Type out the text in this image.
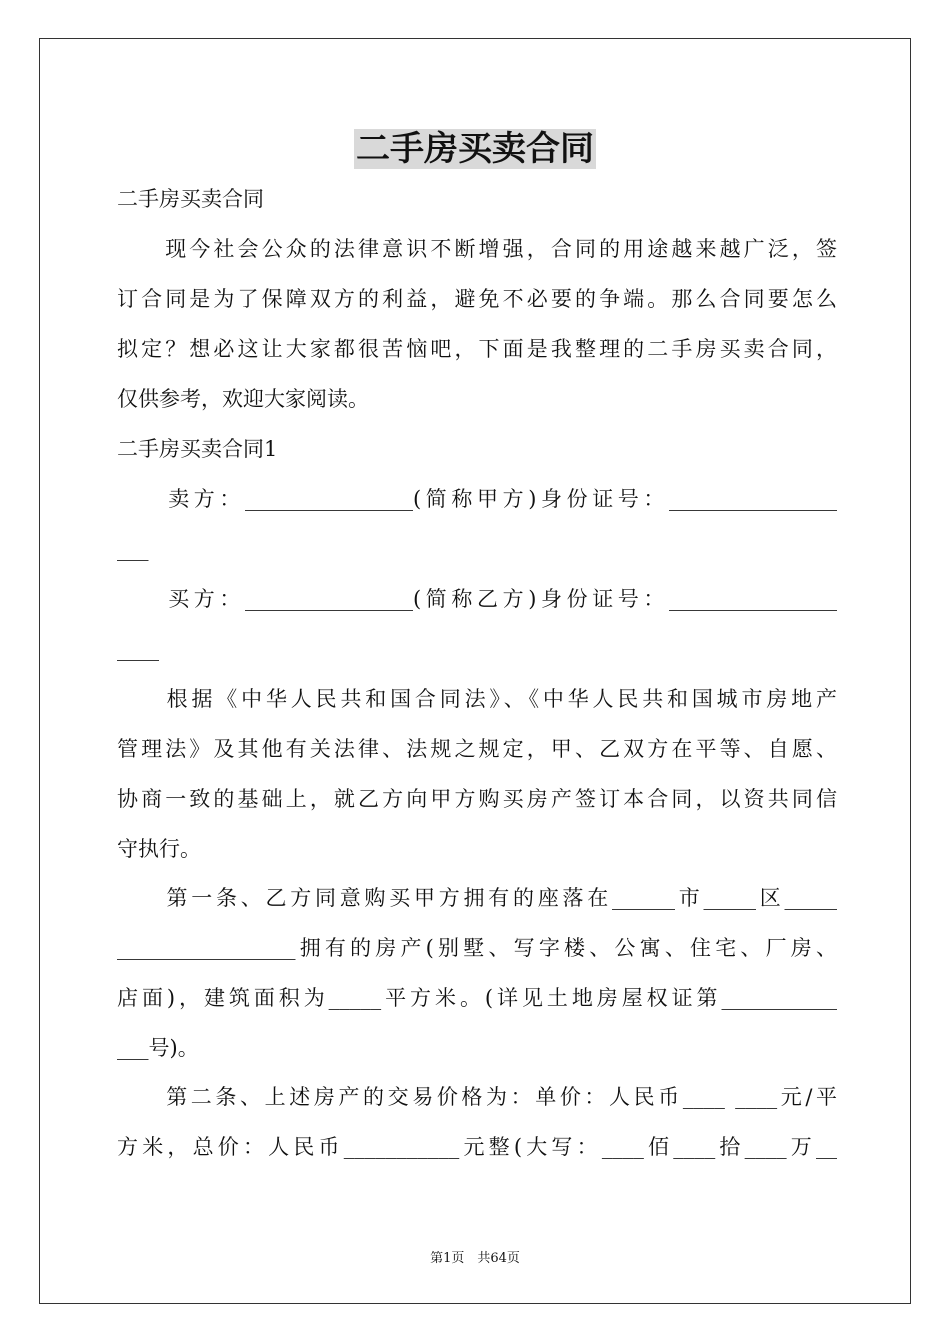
二手房买卖合同
二手房买卖合同
　　现今社会公众的法律意识不断增强，合同的用途越来越广泛，签
订合同是为了保障双方的利益，避免不必要的争端。那么合同要怎么
拟定？想必这让大家都很苦恼吧，下面是我整理的二手房买卖合同，
仅供参考，欢迎大家阅读。
二手房买卖合同1
　　卖方：________________(简称甲方)身份证号：________________
___
　　买方：________________(简称乙方)身份证号：________________
____
　　根据《中华人民共和国合同法》、《中华人民共和国城市房地产
管理法》及其他有关法律、法规之规定，甲、乙双方在平等、自愿、
协商一致的基础上，就乙方向甲方购买房产签订本合同，以资共同信
守执行。
　　第一条、乙方同意购买甲方拥有的座落在______市_____区_____
_________________拥有的房产(别墅、写字楼、公寓、住宅、厂房、
店面)，建筑面积为_____平方米。(详见土地房屋权证第___________
___号)。
　　第二条、上述房产的交易价格为：单价：人民币____ ____元/平
方米，总价：人民币___________元整(大写：____佰____拾____万__
第1页　共64页
